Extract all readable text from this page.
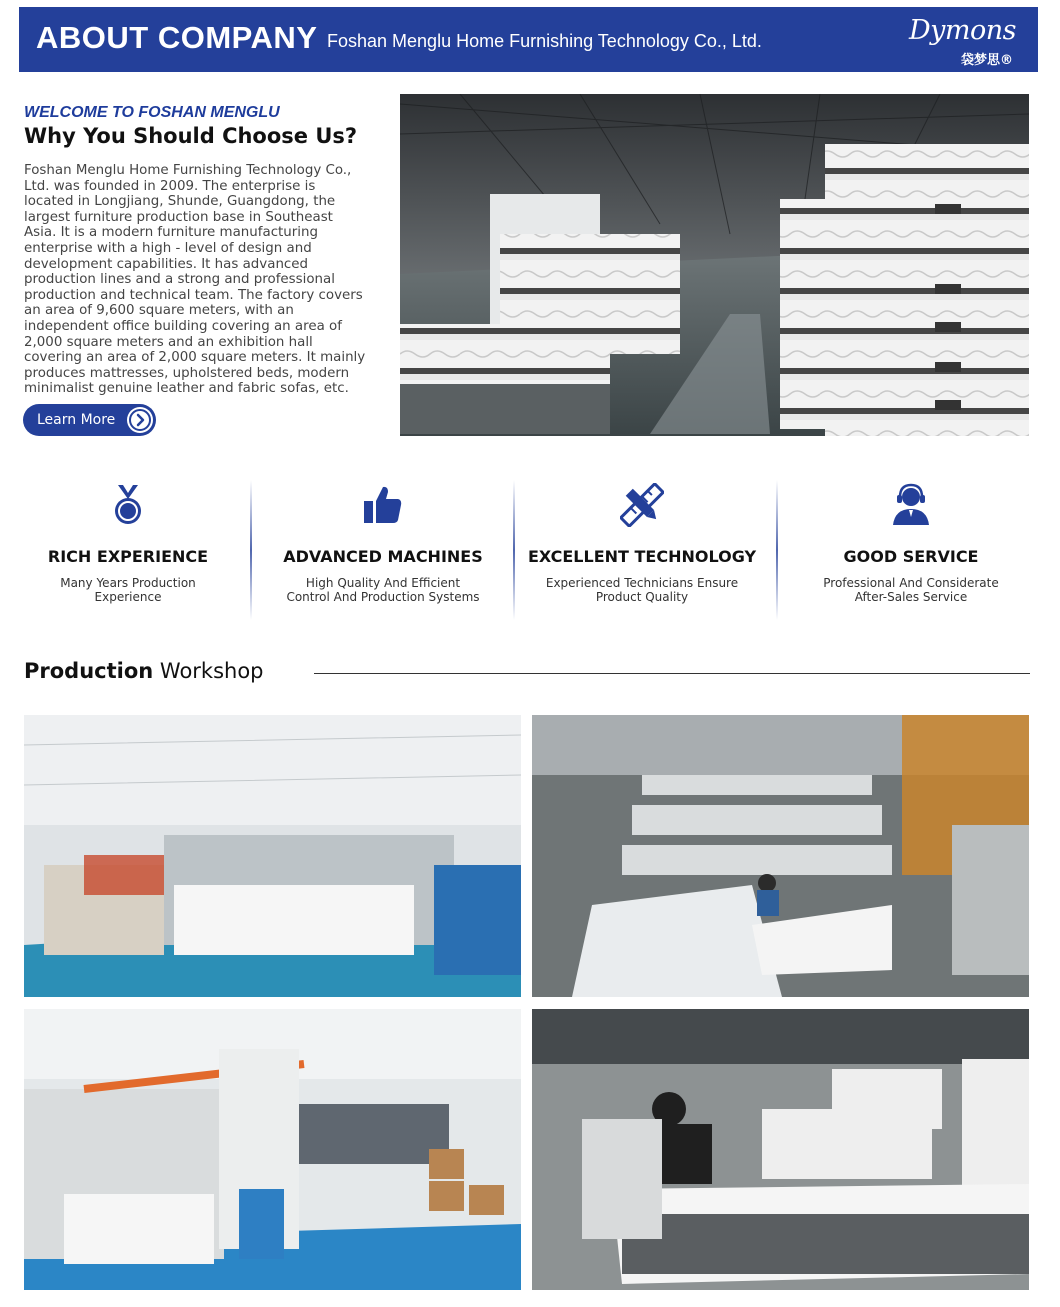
ABOUT COMPANY Foshan Menglu Home Furnishing Technology Co., Ltd.	Dymons
袋梦思®
WELCOME TO FOSHAN MENGLU
Why You Should Choose Us?
Foshan Menglu Home Furnishing Technology Co., Ltd. was founded in 2009. The enterprise is located in Longjiang, Shunde, Guangdong, the largest furniture production base in Southeast Asia. It is a modern furniture manufacturing enterprise with a high - level of design and development capabilities. It has advanced production lines and a strong and professional production and technical team. The factory covers an area of 9,600 square meters, with an independent office building covering an area of 2,000 square meters and an exhibition hall covering an area of 2,000 square meters. It mainly produces mattresses, upholstered beds, modern minimalist genuine leather and fabric sofas, etc.
Learn More
RICH EXPERIENCE
Many Years Production Experience
ADVANCED MACHINES
High Quality And Efficient Control And Production Systems
EXCELLENT TECHNOLOGY
Experienced Technicians Ensure Product Quality
GOOD SERVICE
Professional And Considerate After-Sales Service
Production Workshop
